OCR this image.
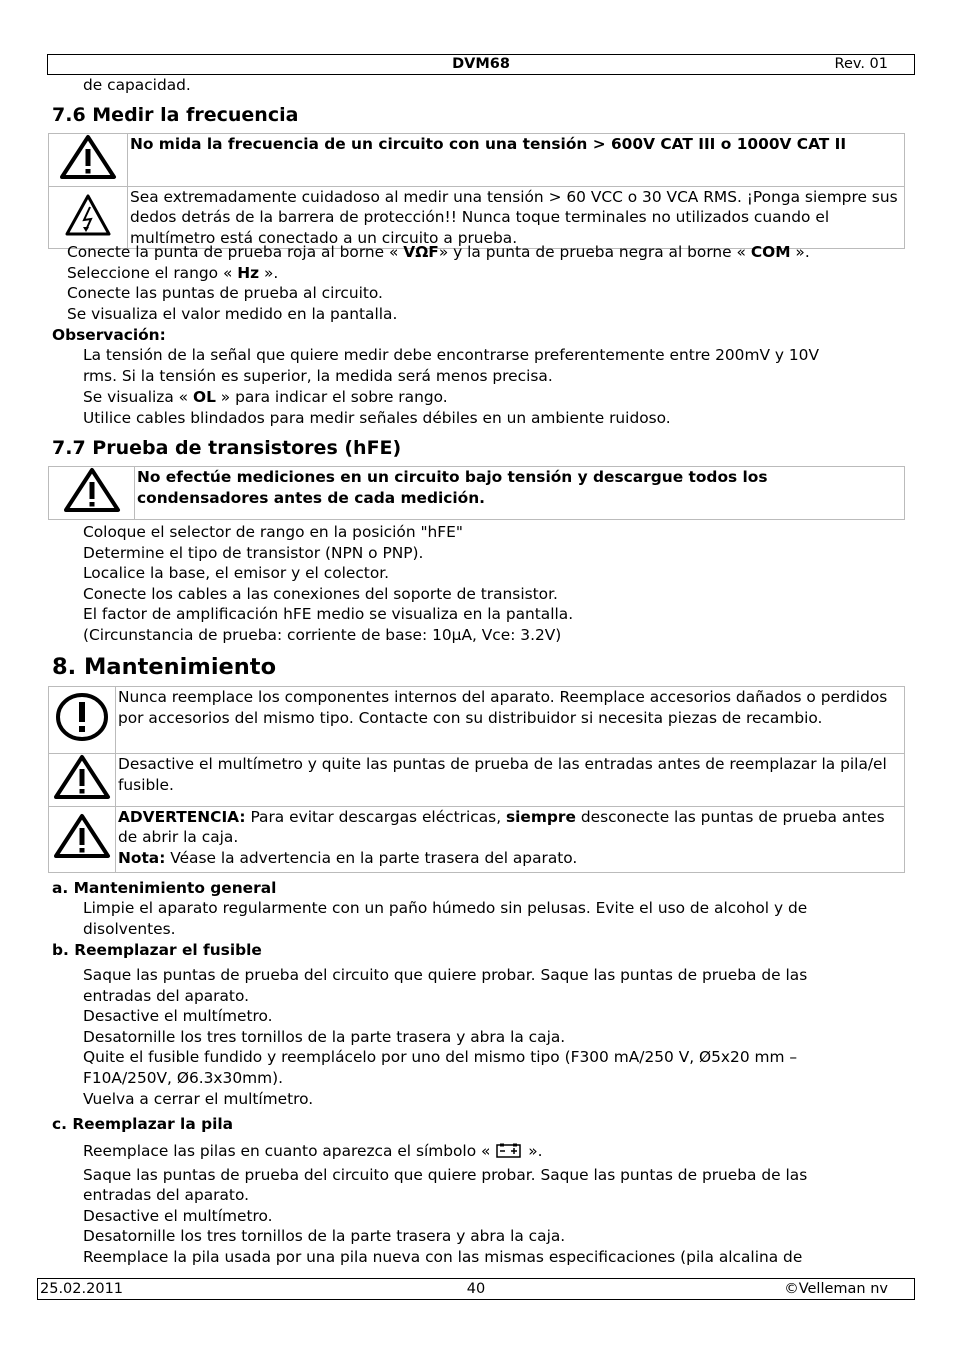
DVM68	Rev. 01

de capacidad.

7.6 Medir la frecuencia
	No mida la frecuencia de un circuito con una tensión > 600V CAT III o 1000V CAT II
	Sea extremadamente cuidadoso al medir una tensión > 60 VCC o 30 VCA RMS. ¡Ponga siempre sus dedos detrás de la barrera de protección!! Nunca toque terminales no utilizados cuando el multímetro está conectado a un circuito a prueba.

Conecte la punta de prueba roja al borne « VΩF» y la punta de prueba negra al borne « COM ».

Seleccione el rango « Hz ».

Conecte las puntas de prueba al circuito.

Se visualiza el valor medido en la pantalla.

Observación:

La tensión de la señal que quiere medir debe encontrarse preferentemente entre 200mV y 10V

rms. Si la tensión es superior, la medida será menos precisa.

Se visualiza « OL » para indicar el sobre rango.

Utilice cables blindados para medir señales débiles en un ambiente ruidoso.

7.7 Prueba de transistores (hFE)
	No efectúe mediciones en un circuito bajo tensión y descargue todos los condensadores antes de cada medición.

Coloque el selector de rango en la posición "hFE"

Determine el tipo de transistor (NPN o PNP).

Localice la base, el emisor y el colector.

Conecte los cables a las conexiones del soporte de transistor.

El factor de amplificación hFE medio se visualiza en la pantalla.

(Circunstancia de prueba: corriente de base: 10µA, Vce: 3.2V)

8. Mantenimiento
	Nunca reemplace los componentes internos del aparato. Reemplace accesorios dañados o perdidos por accesorios del mismo tipo. Contacte con su distribuidor si necesita piezas de recambio.
	Desactive el multímetro y quite las puntas de prueba de las entradas antes de reemplazar la pila/el fusible.
	ADVERTENCIA: Para evitar descargas eléctricas, siempre desconecte las puntas de prueba antes de abrir la caja.
Nota: Véase la advertencia en la parte trasera del aparato.

a. Mantenimiento general

Limpie el aparato regularmente con un paño húmedo sin pelusas. Evite el uso de alcohol y de

disolventes.

b. Reemplazar el fusible

Saque las puntas de prueba del circuito que quiere probar. Saque las puntas de prueba de las

entradas del aparato.

Desactive el multímetro.

Desatornille los tres tornillos de la parte trasera y abra la caja.

Quite el fusible fundido y reemplácelo por uno del mismo tipo (F300 mA/250 V, Ø5x20 mm –

F10A/250V, Ø6.3x30mm).

Vuelva a cerrar el multímetro.

c. Reemplazar la pila

Reemplace las pilas en cuanto aparezca el símbolo «  ».

Saque las puntas de prueba del circuito que quiere probar. Saque las puntas de prueba de las

entradas del aparato.

Desactive el multímetro.

Desatornille los tres tornillos de la parte trasera y abra la caja.

Reemplace la pila usada por una pila nueva con las mismas especificaciones (pila alcalina de

25.02.2011	40	©Velleman nv
